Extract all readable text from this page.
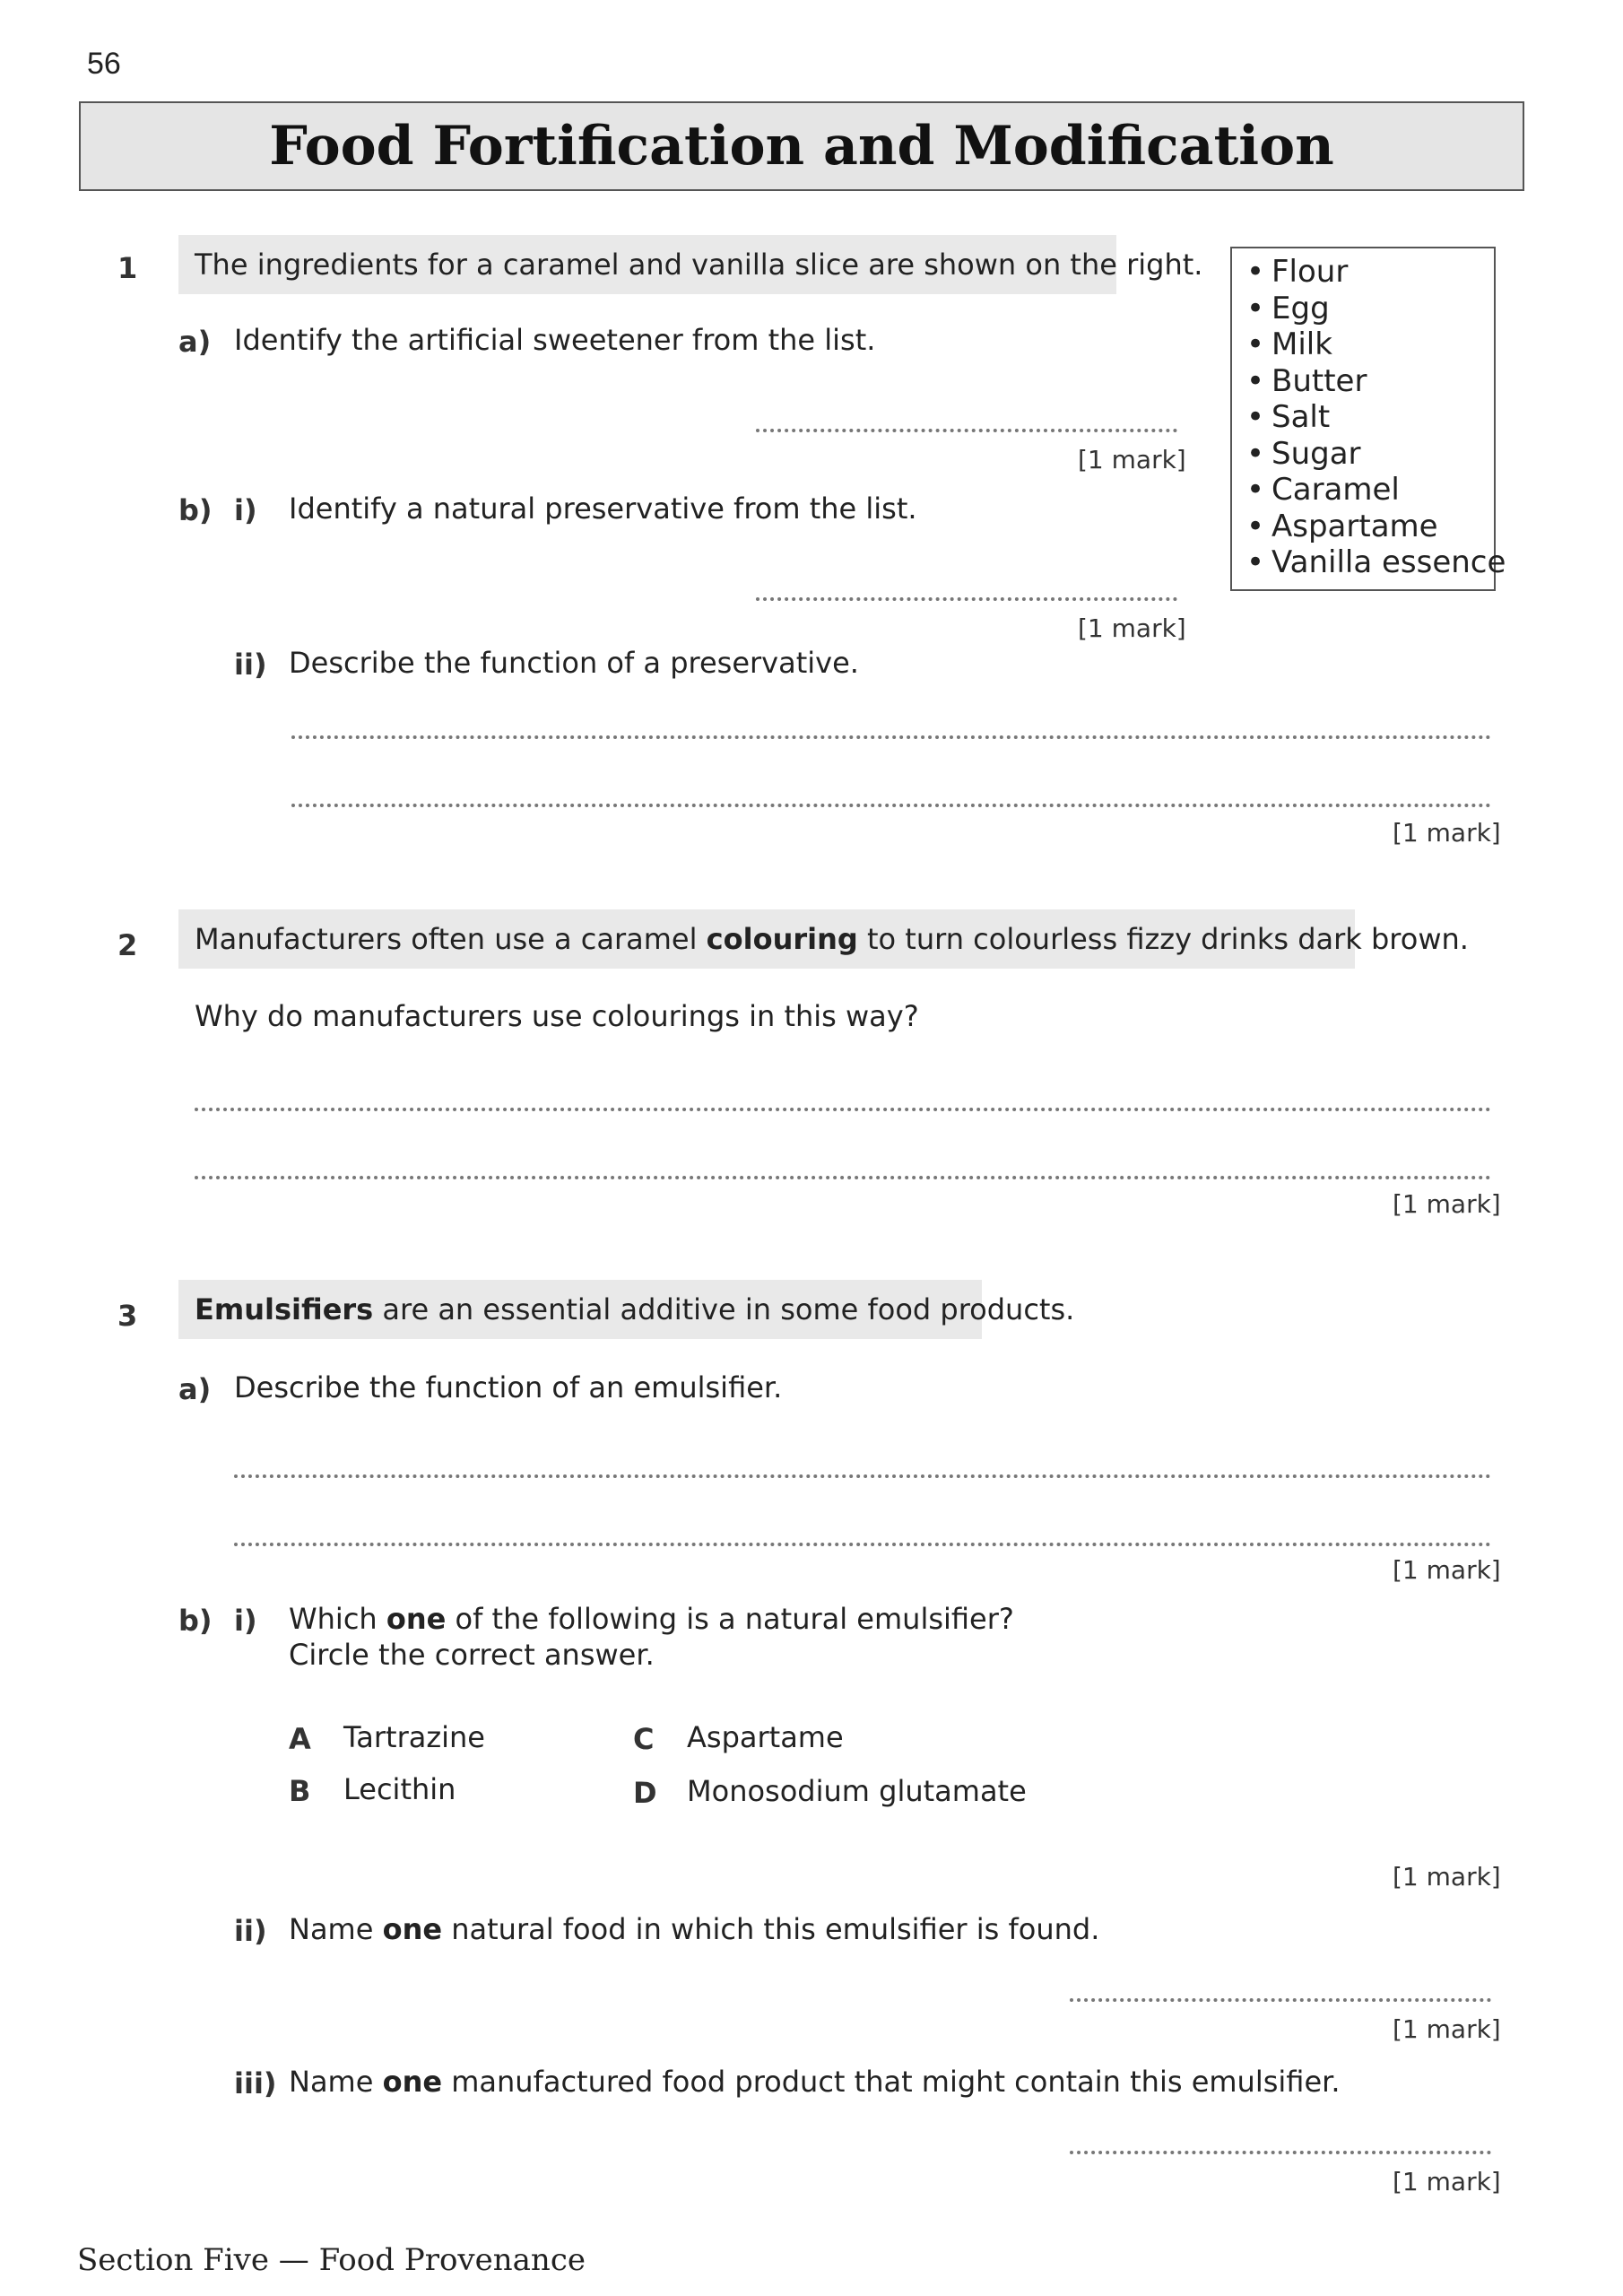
56
Food Fortification and Modification
1	The ingredients for a caramel and vanilla slice are shown on the right.
a) Identify the artificial sweetener from the list.
[1 mark]
b) i) Identify a natural preservative from the list.
[1 mark]
ii) Describe the function of a preservative.
[1 mark]
• Flour
• Egg
• Milk
• Butter
• Salt
• Sugar
• Caramel
• Aspartame
• Vanilla essence
2	Manufacturers often use a caramel colouring to turn colourless fizzy drinks dark brown.
Why do manufacturers use colourings in this way?
[1 mark]
3	Emulsifiers are an essential additive in some food products.
a) Describe the function of an emulsifier.
[1 mark]
b) i) Which one of the following is a natural emulsifier?
Circle the correct answer.
A Tartrazine
B Lecithin
C Aspartame
D Monosodium glutamate
[1 mark]
ii) Name one natural food in which this emulsifier is found.
[1 mark]
iii) Name one manufactured food product that might contain this emulsifier.
[1 mark]
Section Five — Food Provenance
